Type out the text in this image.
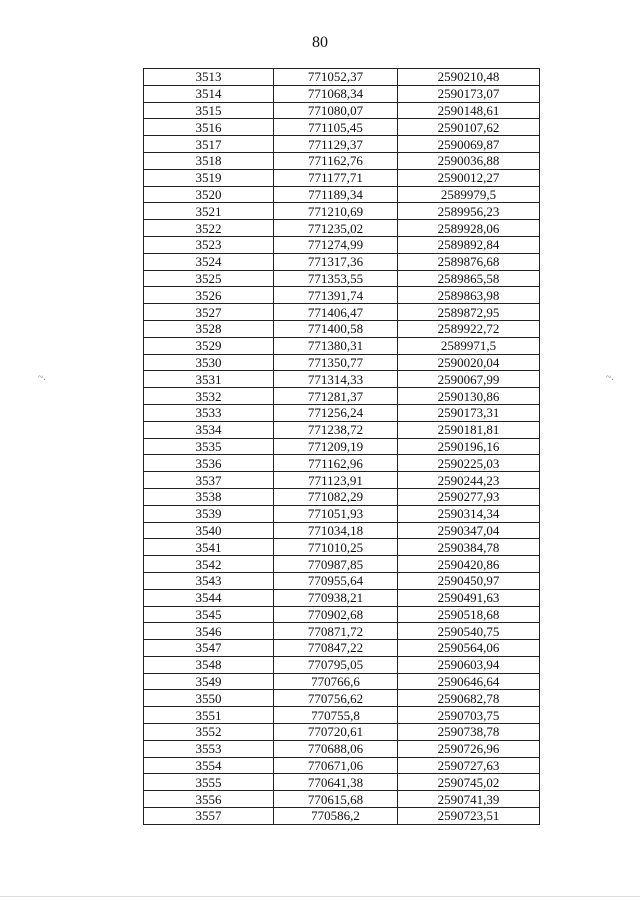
80
3513	771052,37	2590210,48
3514	771068,34	2590173,07
3515	771080,07	2590148,61
3516	771105,45	2590107,62
3517	771129,37	2590069,87
3518	771162,76	2590036,88
3519	771177,71	2590012,27
3520	771189,34	2589979,5
3521	771210,69	2589956,23
3522	771235,02	2589928,06
3523	771274,99	2589892,84
3524	771317,36	2589876,68
3525	771353,55	2589865,58
3526	771391,74	2589863,98
3527	771406,47	2589872,95
3528	771400,58	2589922,72
3529	771380,31	2589971,5
3530	771350,77	2590020,04
3531	771314,33	2590067,99
3532	771281,37	2590130,86
3533	771256,24	2590173,31
3534	771238,72	2590181,81
3535	771209,19	2590196,16
3536	771162,96	2590225,03
3537	771123,91	2590244,23
3538	771082,29	2590277,93
3539	771051,93	2590314,34
3540	771034,18	2590347,04
3541	771010,25	2590384,78
3542	770987,85	2590420,86
3543	770955,64	2590450,97
3544	770938,21	2590491,63
3545	770902,68	2590518,68
3546	770871,72	2590540,75
3547	770847,22	2590564,06
3548	770795,05	2590603,94
3549	770766,6	2590646,64
3550	770756,62	2590682,78
3551	770755,8	2590703,75
3552	770720,61	2590738,78
3553	770688,06	2590726,96
3554	770671,06	2590727,63
3555	770641,38	2590745,02
3556	770615,68	2590741,39
3557	770586,2	2590723,51
~.	~.
